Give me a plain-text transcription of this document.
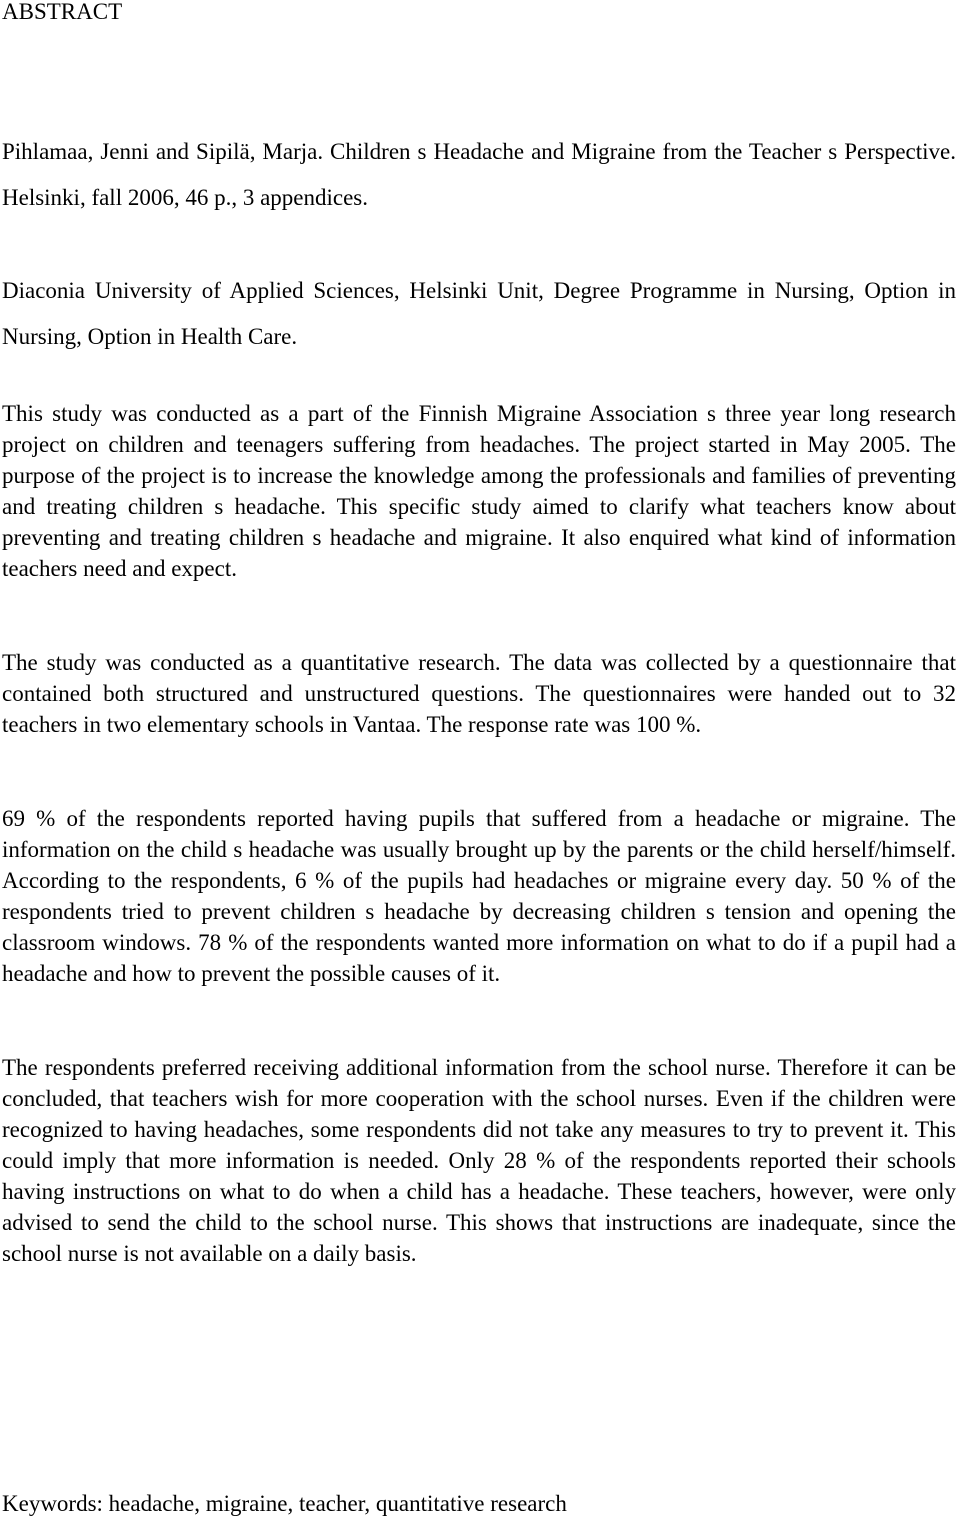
ABSTRACT

Pihlamaa, Jenni and Sipilä, Marja. Children s Headache and Migraine from the Teacher s Perspective. Helsinki, fall 2006, 46 p., 3 appendices.

Diaconia University of Applied Sciences, Helsinki Unit, Degree Programme in Nursing, Option in Nursing, Option in Health Care.

This study was conducted as a part of the Finnish Migraine Association s three year long research project on children and teenagers suffering from headaches. The project started in May 2005. The purpose of the project is to increase the knowledge among the professionals and families of preventing and treating children s headache. This specific study aimed to clarify what teachers know about preventing and treating children s headache and migraine. It also enquired what kind of information teachers need and expect.

The study was conducted as a quantitative research. The data was collected by a questionnaire that contained both structured and unstructured questions. The questionnaires were handed out to 32 teachers in two elementary schools in Vantaa. The response rate was 100 %.

69 % of the respondents reported having pupils that suffered from a headache or migraine. The information on the child s headache was usually brought up by the parents or the child herself/himself. According to the respondents, 6 % of the pupils had headaches or migraine every day. 50 % of the respondents tried to prevent children s headache by decreasing children s tension and opening the classroom windows. 78 % of the respondents wanted more information on what to do if a pupil had a headache and how to prevent the possible causes of it.

The respondents preferred receiving additional information from the school nurse. Therefore it can be concluded, that teachers wish for more cooperation with the school nurses. Even if the children were recognized to having headaches, some respondents did not take any measures to try to prevent it. This could imply that more information is needed. Only 28 % of the respondents reported their schools having instructions on what to do when a child has a headache. These teachers, however, were only advised to send the child to the school nurse. This shows that instructions are inadequate, since the school nurse is not available on a daily basis.

Keywords: headache, migraine, teacher, quantitative research
